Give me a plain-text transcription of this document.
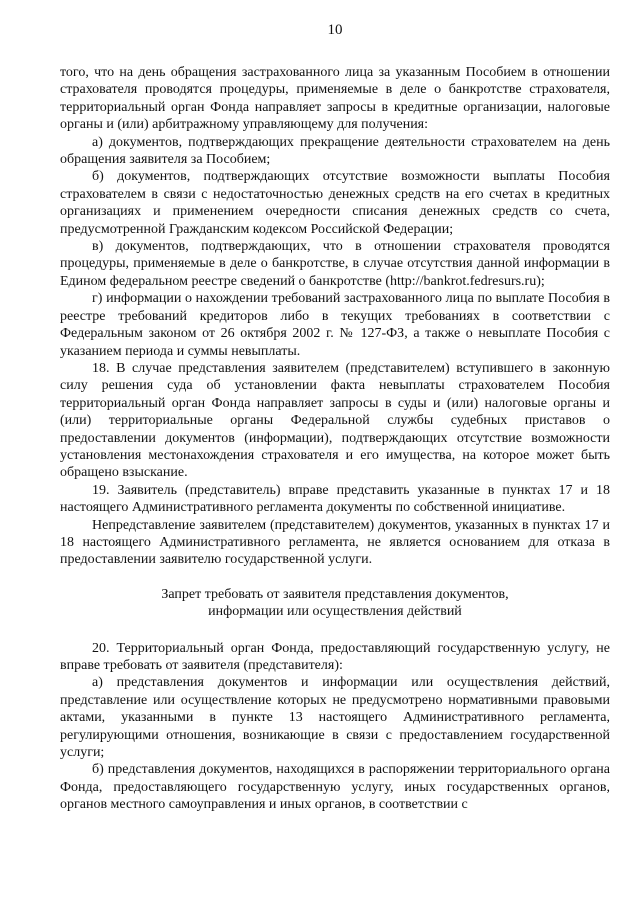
10

того, что на день обращения застрахованного лица за указанным Пособием в отношении страхователя проводятся процедуры, применяемые в деле о банкротстве страхователя, территориальный орган Фонда направляет запросы в кредитные организации, налоговые органы и (или) арбитражному управляющему для получения:

а) документов, подтверждающих прекращение деятельности страхователем на день обращения заявителя за Пособием;

б) документов, подтверждающих отсутствие возможности выплаты Пособия страхователем в связи с недостаточностью денежных средств на его счетах в кредитных организациях и применением очередности списания денежных средств со счета, предусмотренной Гражданским кодексом Российской Федерации;

в) документов, подтверждающих, что в отношении страхователя проводятся процедуры, применяемые в деле о банкротстве, в случае отсутствия данной информации в Едином федеральном реестре сведений о банкротстве (http://bankrot.fedresurs.ru);

г) информации о нахождении требований застрахованного лица по выплате Пособия в реестре требований кредиторов либо в текущих требованиях в соответствии с Федеральным законом от 26 октября 2002 г. № 127-ФЗ, а также о невыплате Пособия с указанием периода и суммы невыплаты.

18. В случае представления заявителем (представителем) вступившего в законную силу решения суда об установлении факта невыплаты страхователем Пособия территориальный орган Фонда направляет запросы в суды и (или) налоговые органы и (или) территориальные органы Федеральной службы судебных приставов о предоставлении документов (информации), подтверждающих отсутствие возможности установления местонахождения страхователя и его имущества, на которое может быть обращено взыскание.

19. Заявитель (представитель) вправе представить указанные в пунктах 17 и 18 настоящего Административного регламента документы по собственной инициативе.

Непредставление заявителем (представителем) документов, указанных в пунктах 17 и 18 настоящего Административного регламента, не является основанием для отказа в предоставлении заявителю государственной услуги.

Запрет требовать от заявителя представления документов,
информации или осуществления действий

20. Территориальный орган Фонда, предоставляющий государственную услугу, не вправе требовать от заявителя (представителя):

а) представления документов и информации или осуществления действий, представление или осуществление которых не предусмотрено нормативными правовыми актами, указанными в пункте 13 настоящего Административного регламента, регулирующими отношения, возникающие в связи с предоставлением государственной услуги;

б) представления документов, находящихся в распоряжении территориального органа Фонда, предоставляющего государственную услугу, иных государственных органов, органов местного самоуправления и иных органов, в соответствии с
